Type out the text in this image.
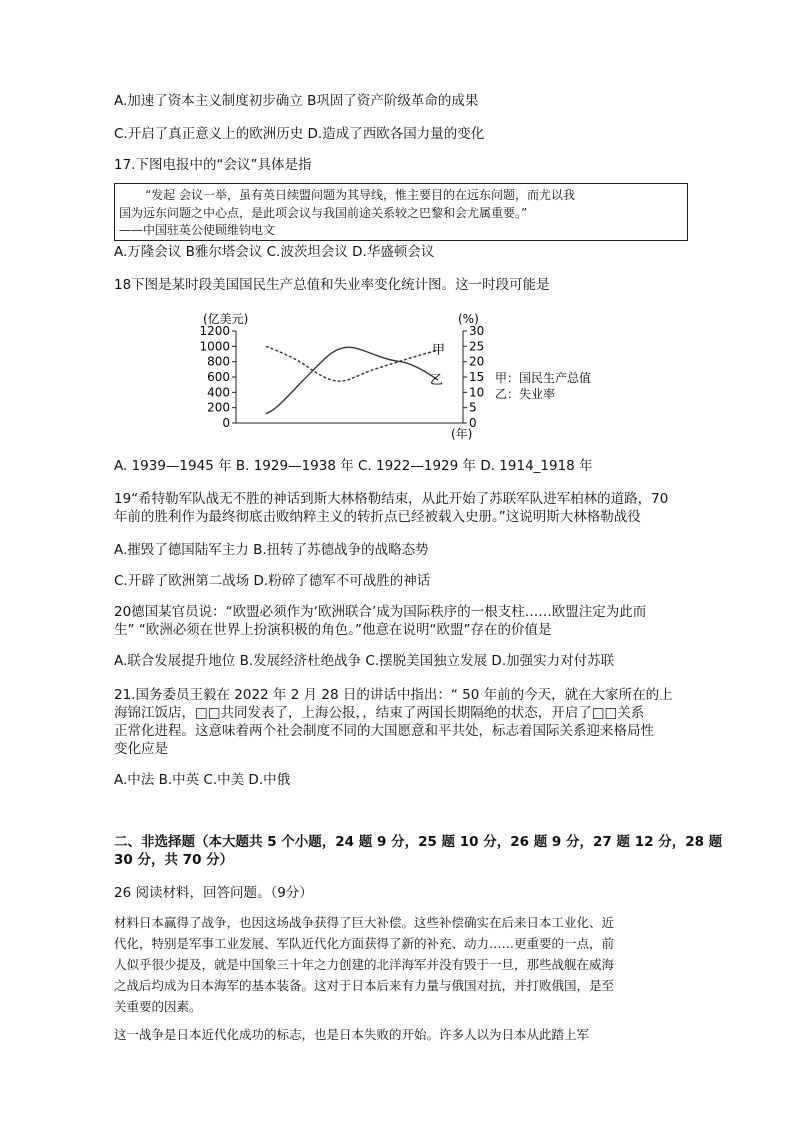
A.加速了资本主义制度初步确立 B巩固了资产阶级革命的成果
C.开启了真正意义上的欧洲历史 D.造成了西欧各国力量的变化
17.下图电报中的“会议”具体是指
“发起 会议一举，虽有英日续盟问题为其导线，惟主要目的在远东问题，而尤以我
国为远东问题之中心点，是此项会议与我国前途关系较之巴黎和会尤属重要。”
——中国驻英公使顾维钧电文
A.万隆会议 B雅尔塔会议 C.波茨坦会议 D.华盛顿会议
18下图是某时段美国国民生产总值和失业率变化统计图。这一时段可能是
(亿美元)	(%)
(年)
1200
1000
800
600
400
200
0
30
25
20
15
10
5
0
甲
乙	甲：国民生产总值
乙：失业率
A. 1939—1945 年 B. 1929—1938 年 C. 1922—1929 年 D. 1914_1918 年
19“希特勒军队战无不胜的神话到斯大林格勒结束，从此开始了苏联军队进军柏林的道路，70
年前的胜利作为最终彻底击败纳粹主义的转折点已经被载入史册。”这说明斯大林格勒战役
A.摧毁了德国陆军主力 B.扭转了苏德战争的战略态势
C.开辟了欧洲第二战场 D.粉碎了德军不可战胜的神话
20德国某官员说：“欧盟必须作为‘欧洲联合’成为国际秩序的一根支柱……欧盟注定为此而
生” “欧洲必须在世界上扮演积极的角色。”他意在说明“欧盟”存在的价值是
A.联合发展提升地位 B.发展经济杜绝战争 C.摆脱美国独立发展 D.加强实力对付苏联
21.国务委员王毅在 2022 年 2 月 28 日的讲话中指出：“ 50 年前的今天，就在大家所在的上
海锦江饭店，□□共同发表了，上海公报，，结束了两国长期隔绝的状态，开启了□□关系
正常化进程。这意味着两个社会制度不同的大国愿意和平共处，标志着国际关系迎来格局性
变化应是
A.中法 B.中英 C.中美 D.中俄
二、非选择题（本大题共 5 个小题，24 题 9 分，25 题 10 分，26 题 9 分，27 题 12 分，28 题
30 分，共 70 分）
26 阅读材料，回答问题。（9分）
材料日本赢得了战争，也因这场战争获得了巨大补偿。这些补偿确实在后来日本工业化、近
代化，特别是军事工业发展、军队近代化方面获得了新的补充、动力……更重要的一点，前
人似乎很少提及，就是中国象三十年之力创建的北洋海军并没有毁于一旦，那些战舰在威海
之战后均成为日本海军的基本装备。这对于日本后来有力量与俄国对抗，并打败俄国，是至
关重要的因素。
这一战争是日本近代化成功的标志，也是日本失败的开始。许多人以为日本从此踏上军
